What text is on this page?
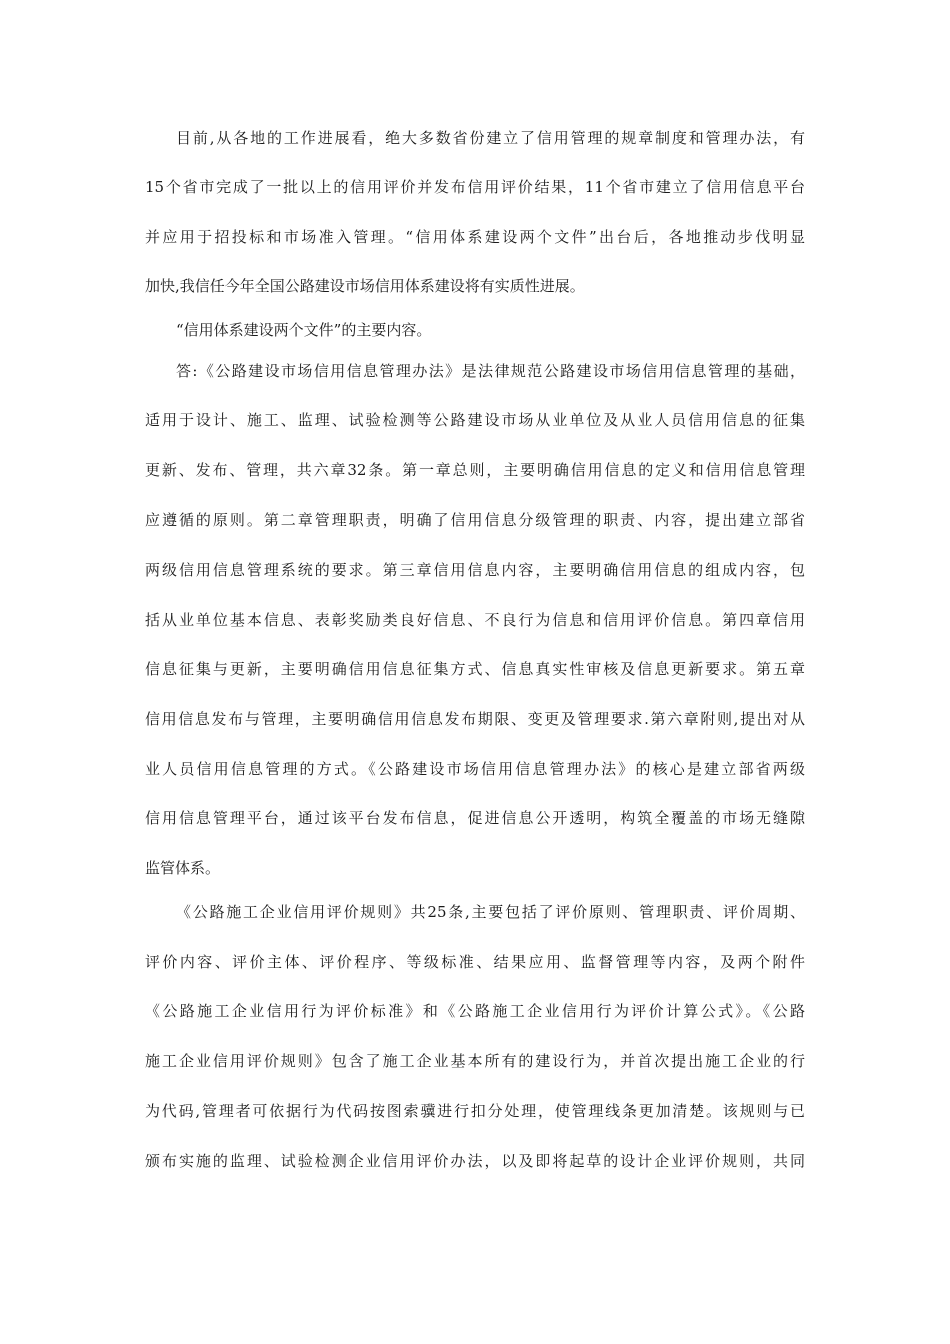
目前,从各地的工作进展看，绝大多数省份建立了信用管理的规章制度和管理办法，有
15个省市完成了一批以上的信用评价并发布信用评价结果，11个省市建立了信用信息平台
并应用于招投标和市场准入管理。“信用体系建设两个文件”出台后，各地推动步伐明显
加快,我信任今年全国公路建设市场信用体系建设将有实质性进展。
“信用体系建设两个文件”的主要内容。
答:《公路建设市场信用信息管理办法》是法律规范公路建设市场信用信息管理的基础，
适用于设计、施工、监理、试验检测等公路建设市场从业单位及从业人员信用信息的征集
更新、发布、管理，共六章32条。第一章总则，主要明确信用信息的定义和信用信息管理
应遵循的原则。第二章管理职责，明确了信用信息分级管理的职责、内容，提出建立部省
两级信用信息管理系统的要求。第三章信用信息内容，主要明确信用信息的组成内容，包
括从业单位基本信息、表彰奖励类良好信息、不良行为信息和信用评价信息。第四章信用
信息征集与更新，主要明确信用信息征集方式、信息真实性审核及信息更新要求。第五章
信用信息发布与管理，主要明确信用信息发布期限、变更及管理要求.第六章附则,提出对从
业人员信用信息管理的方式。《公路建设市场信用信息管理办法》的核心是建立部省两级
信用信息管理平台，通过该平台发布信息，促进信息公开透明，构筑全覆盖的市场无缝隙
监管体系。
《公路施工企业信用评价规则》共25条,主要包括了评价原则、管理职责、评价周期、
评价内容、评价主体、评价程序、等级标准、结果应用、监督管理等内容，及两个附件
《公路施工企业信用行为评价标准》和《公路施工企业信用行为评价计算公式》。《公路
施工企业信用评价规则》包含了施工企业基本所有的建设行为，并首次提出施工企业的行
为代码,管理者可依据行为代码按图索骥进行扣分处理，使管理线条更加清楚。该规则与已
颁布实施的监理、试验检测企业信用评价办法，以及即将起草的设计企业评价规则，共同
